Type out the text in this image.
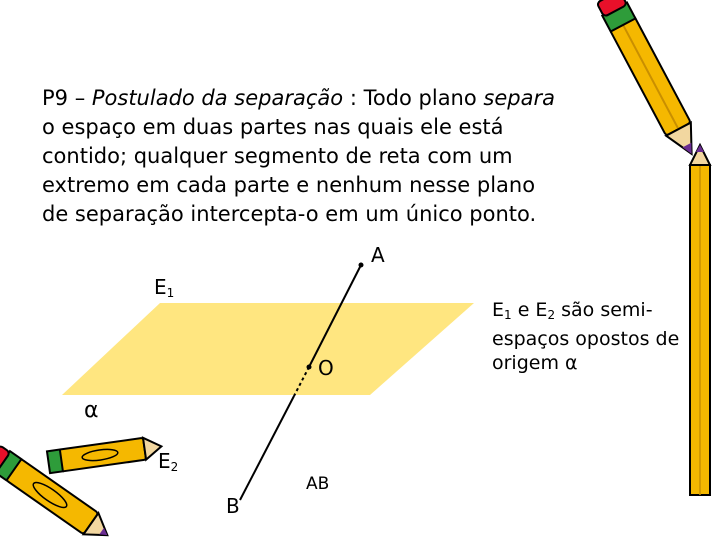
P9 – Postulado da separação : Todo plano separa

o espaço em duas partes nas quais ele está

contido; qualquer segmento de reta com um

extremo em cada parte e nenhum nesse plano

de separação intercepta-o em um único ponto.

A
O
B
AB
α
$E_1$
$E_2$
$E_1$ e $E_2$ são semi-
espaços opostos de
origem α
